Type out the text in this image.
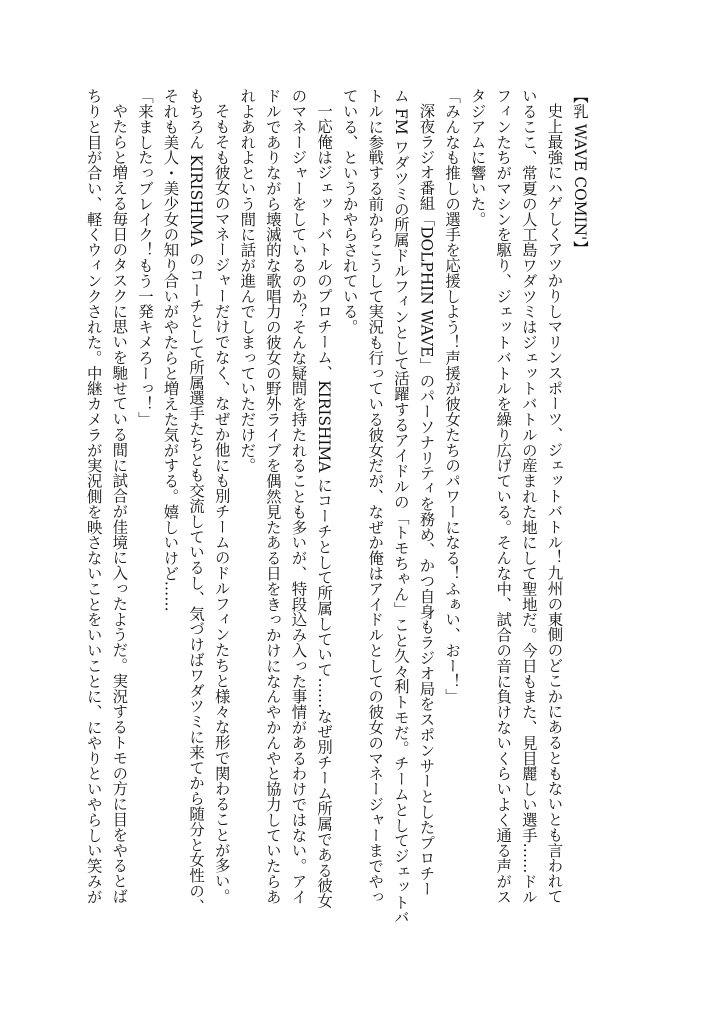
【乳 WAVE COMIN'】
史上最強にハゲしくアツかりしマリンスポーツ、ジェットバトル！九州の東側のどこかにあるともないとも言われて
いるここ、常夏の人工島ワダツミはジェットバトルの産まれた地にして聖地だ。今日もまた、見目麗しい選手……ドル
フィンたちがマシンを駆り、ジェットバトルを繰り広げている。そんな中、試合の音に負けないくらいよく通る声がス
タジアムに響いた。
「みんなも推しの選手を応援しよう！声援が彼女たちのパワーになる！ふぁい、おー！」
深夜ラジオ番組「DOLPHIN WAVE」のパーソナリティを務め、かつ自身もラジオ局をスポンサーとしたプロチー
ム FM ワダツミの所属ドルフィンとして活躍するアイドルの「トモちゃん」こと久々利トモだ。チームとしてジェットバ
トルに参戦する前からこうして実況も行っている彼女だが、なぜか俺はアイドルとしての彼女のマネージャーまでやっ
ている、というかやらされている。
一応俺はジェットバトルのプロチーム、KIRISHIMA にコーチとして所属していて……なぜ別チーム所属である彼女
のマネージャーをしているのか？そんな疑問を持たれることも多いが、特段込み入った事情があるわけではない。アイ
ドルでありながら壊滅的な歌唱力の彼女の野外ライブを偶然見たある日をきっかけになんやかんやと協力していたらあ
れよあれよという間に話が進んでしまっていただけだ。
そもそも彼女のマネージャーだけでなく、なぜか他にも別チームのドルフィンたちと様々な形で関わることが多い。
もちろん KIRISHIMA のコーチとして所属選手たちとも交流しているし、気づけばワダツミに来てから随分と女性の、
それも美人・美少女の知り合いがやたらと増えた気がする。嬉しいけど……
「来ましたっブレイク！もう一発キメろーっ！」
やたらと増える毎日のタスクに思いを馳せている間に試合が佳境に入ったようだ。実況するトモの方に目をやるとば
ちりと目が合い、軽くウィンクされた。中継カメラが実況側を映さないことをいいことに、にやりといやらしい笑みが
